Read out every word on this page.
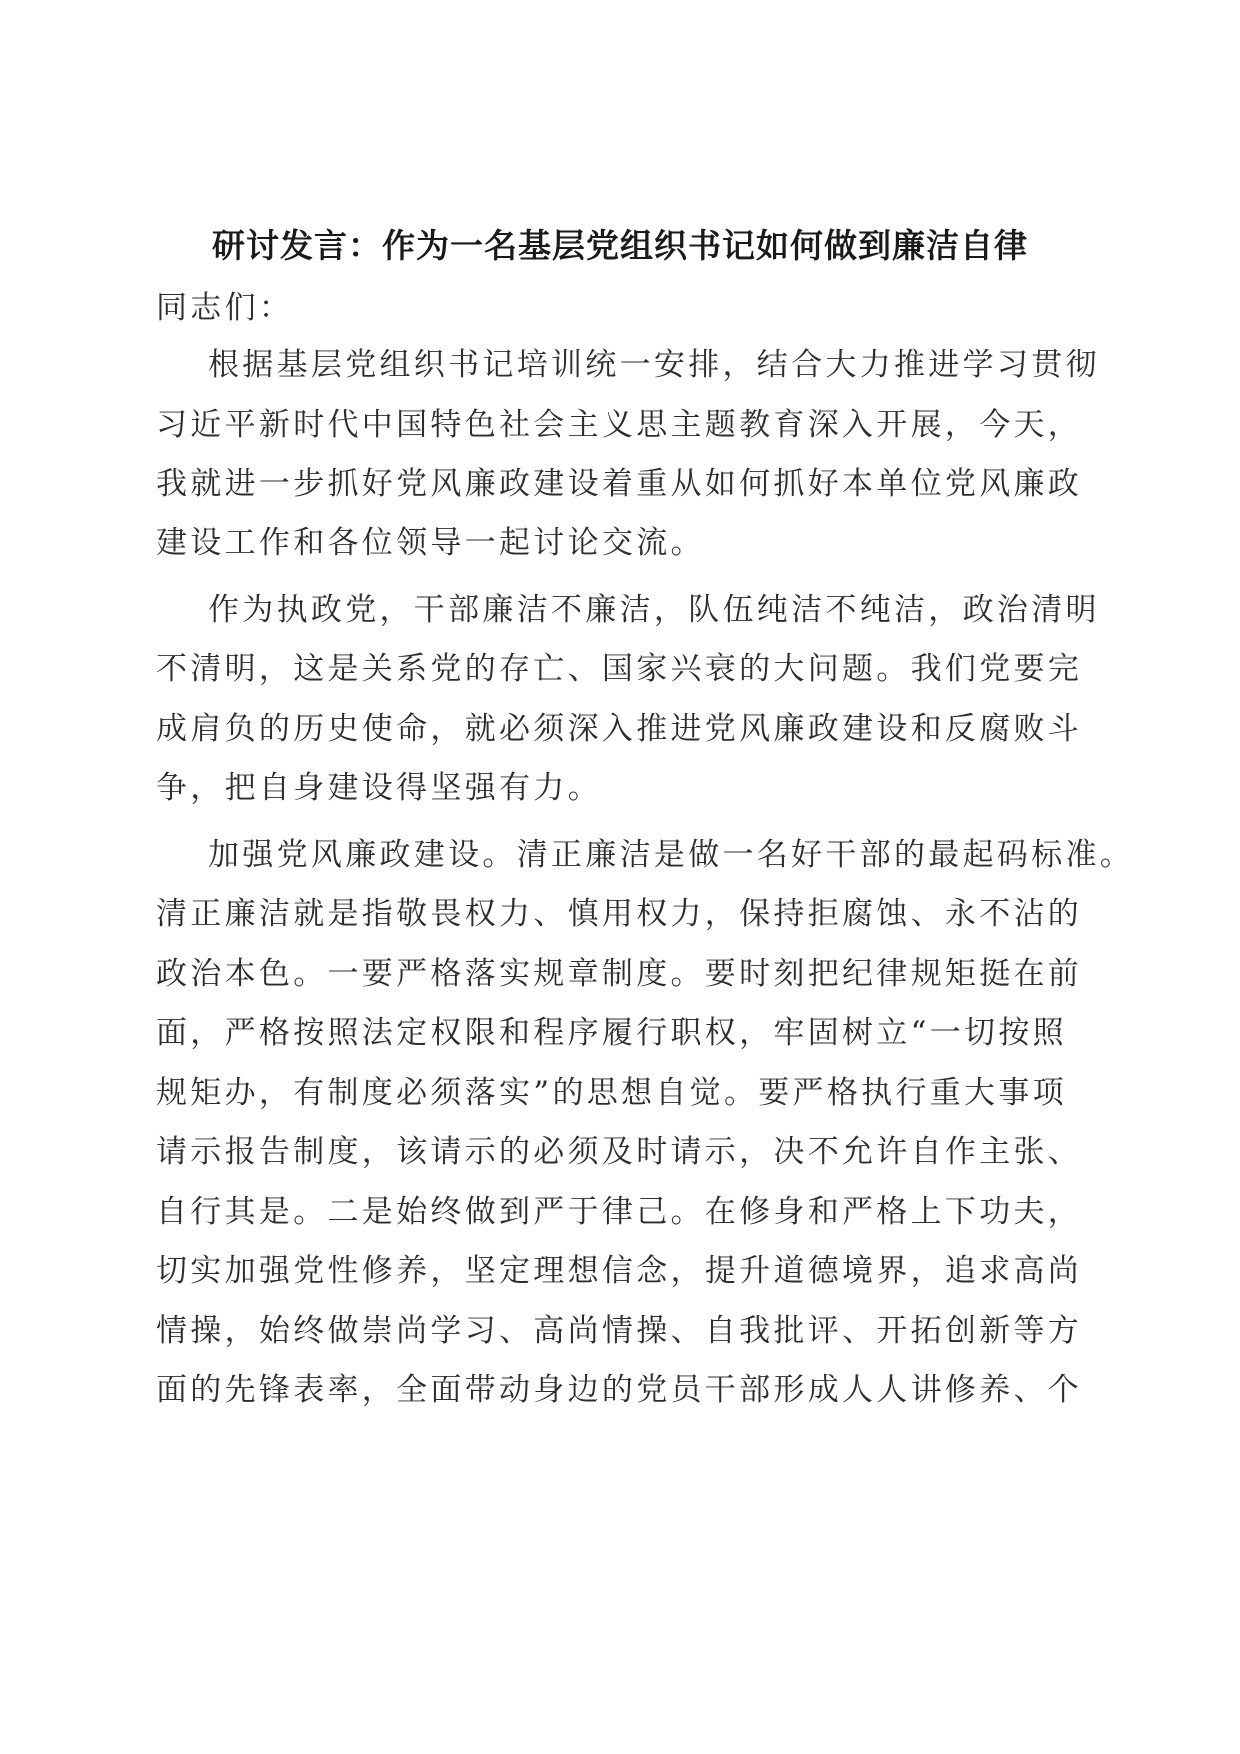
研讨发言：作为一名基层党组织书记如何做到廉洁自律
同志们：
根据基层党组织书记培训统一安排，结合大力推进学习贯彻
习近平新时代中国特色社会主义思主题教育深入开展，今天，
我就进一步抓好党风廉政建设着重从如何抓好本单位党风廉政
建设工作和各位领导一起讨论交流。
作为执政党，干部廉洁不廉洁，队伍纯洁不纯洁，政治清明
不清明，这是关系党的存亡、国家兴衰的大问题。我们党要完
成肩负的历史使命，就必须深入推进党风廉政建设和反腐败斗
争，把自身建设得坚强有力。
加强党风廉政建设。清正廉洁是做一名好干部的最起码标准。
清正廉洁就是指敬畏权力、慎用权力，保持拒腐蚀、永不沾的
政治本色。一要严格落实规章制度。要时刻把纪律规矩挺在前
面，严格按照法定权限和程序履行职权，牢固树立“一切按照
规矩办，有制度必须落实”的思想自觉。要严格执行重大事项
请示报告制度，该请示的必须及时请示，决不允许自作主张、
自行其是。二是始终做到严于律己。在修身和严格上下功夫，
切实加强党性修养，坚定理想信念，提升道德境界，追求高尚
情操，始终做崇尚学习、高尚情操、自我批评、开拓创新等方
面的先锋表率，全面带动身边的党员干部形成人人讲修养、个
